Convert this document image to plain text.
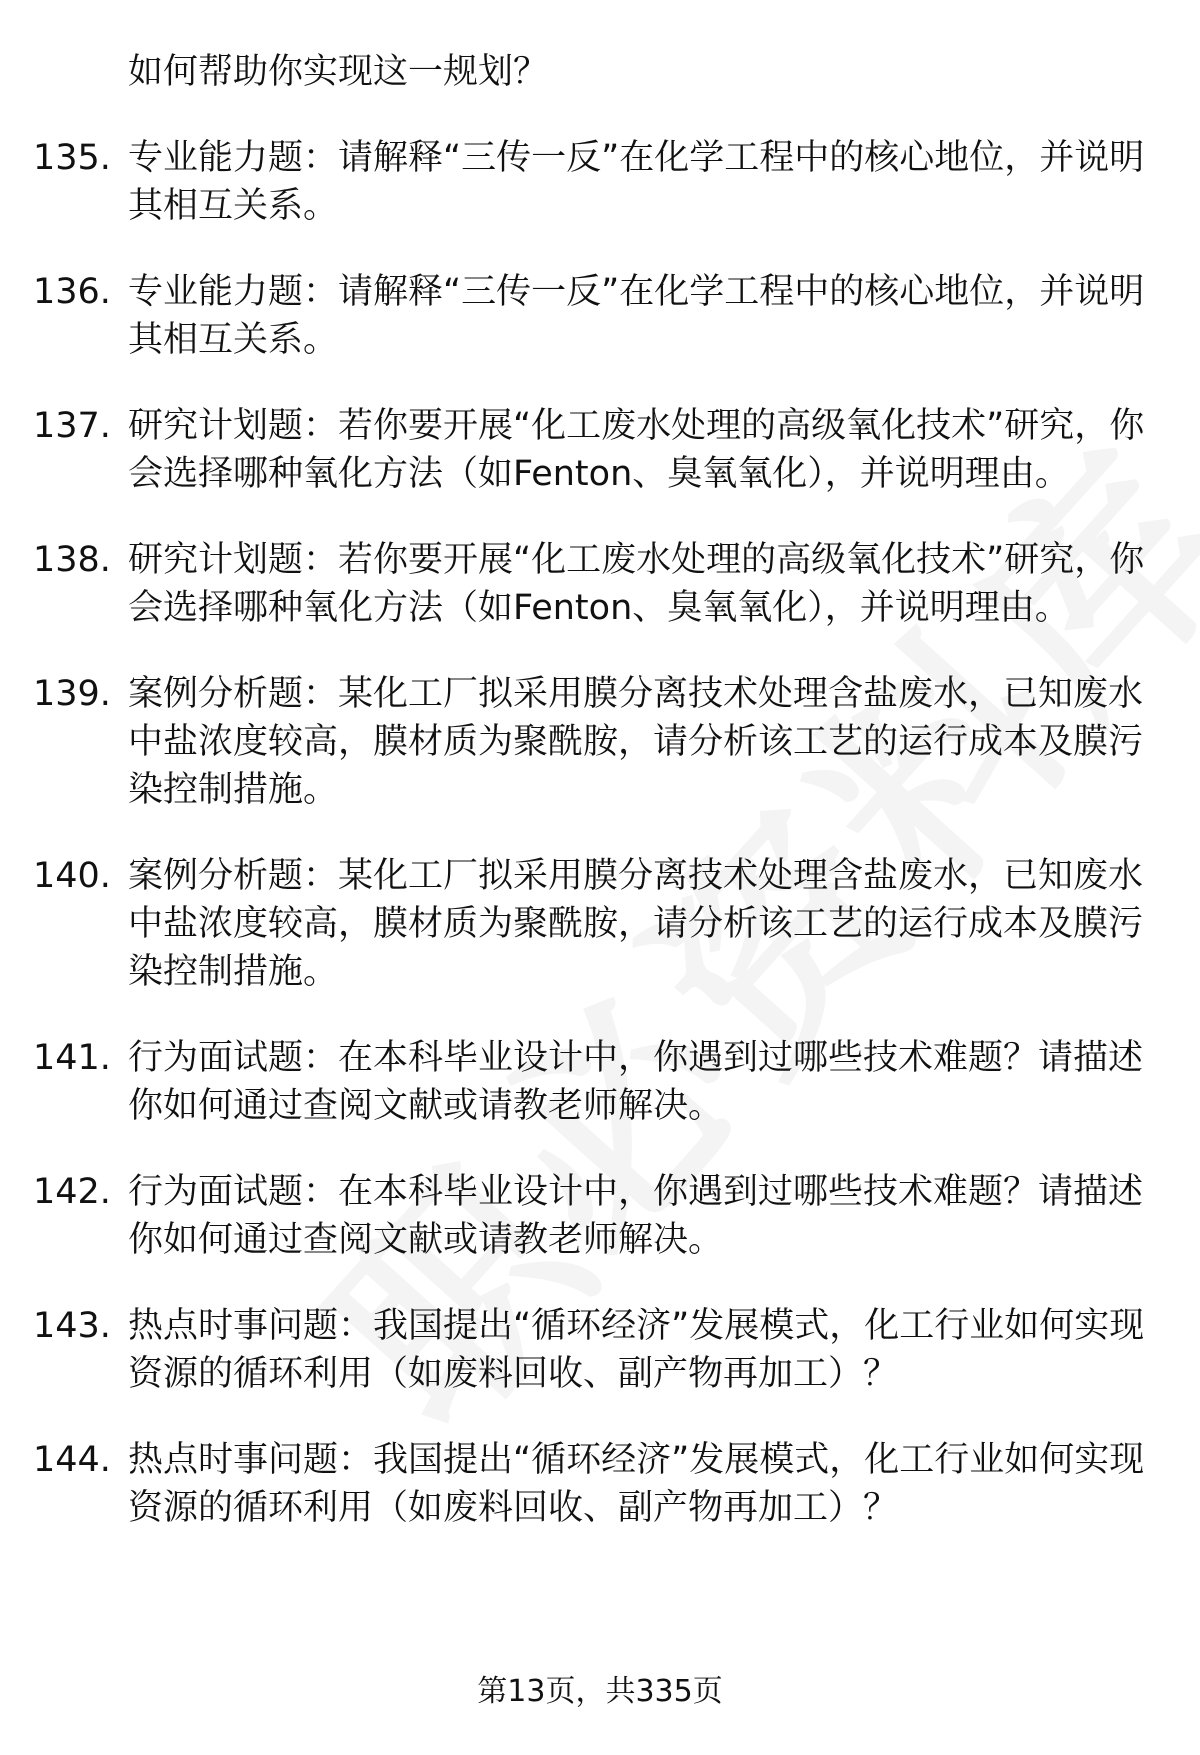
如何帮助你实现这一规划？
135. 专业能力题：请解释“三传一反”在化学工程中的核心地位，并说明其相互关系。
136. 专业能力题：请解释“三传一反”在化学工程中的核心地位，并说明其相互关系。
137. 研究计划题：若你要开展“化工废水处理的高级氧化技术”研究，你会选择哪种氧化方法（如Fenton、臭氧氧化），并说明理由。
138. 研究计划题：若你要开展“化工废水处理的高级氧化技术”研究，你会选择哪种氧化方法（如Fenton、臭氧氧化），并说明理由。
139. 案例分析题：某化工厂拟采用膜分离技术处理含盐废水，已知废水中盐浓度较高，膜材质为聚酰胺，请分析该工艺的运行成本及膜污染控制措施。
140. 案例分析题：某化工厂拟采用膜分离技术处理含盐废水，已知废水中盐浓度较高，膜材质为聚酰胺，请分析该工艺的运行成本及膜污染控制措施。
141. 行为面试题：在本科毕业设计中，你遇到过哪些技术难题？请描述你如何通过查阅文献或请教老师解决。
142. 行为面试题：在本科毕业设计中，你遇到过哪些技术难题？请描述你如何通过查阅文献或请教老师解决。
143. 热点时事问题：我国提出“循环经济”发展模式，化工行业如何实现资源的循环利用（如废料回收、副产物再加工）？
144. 热点时事问题：我国提出“循环经济”发展模式，化工行业如何实现资源的循环利用（如废料回收、副产物再加工）？
第13页，共335页
